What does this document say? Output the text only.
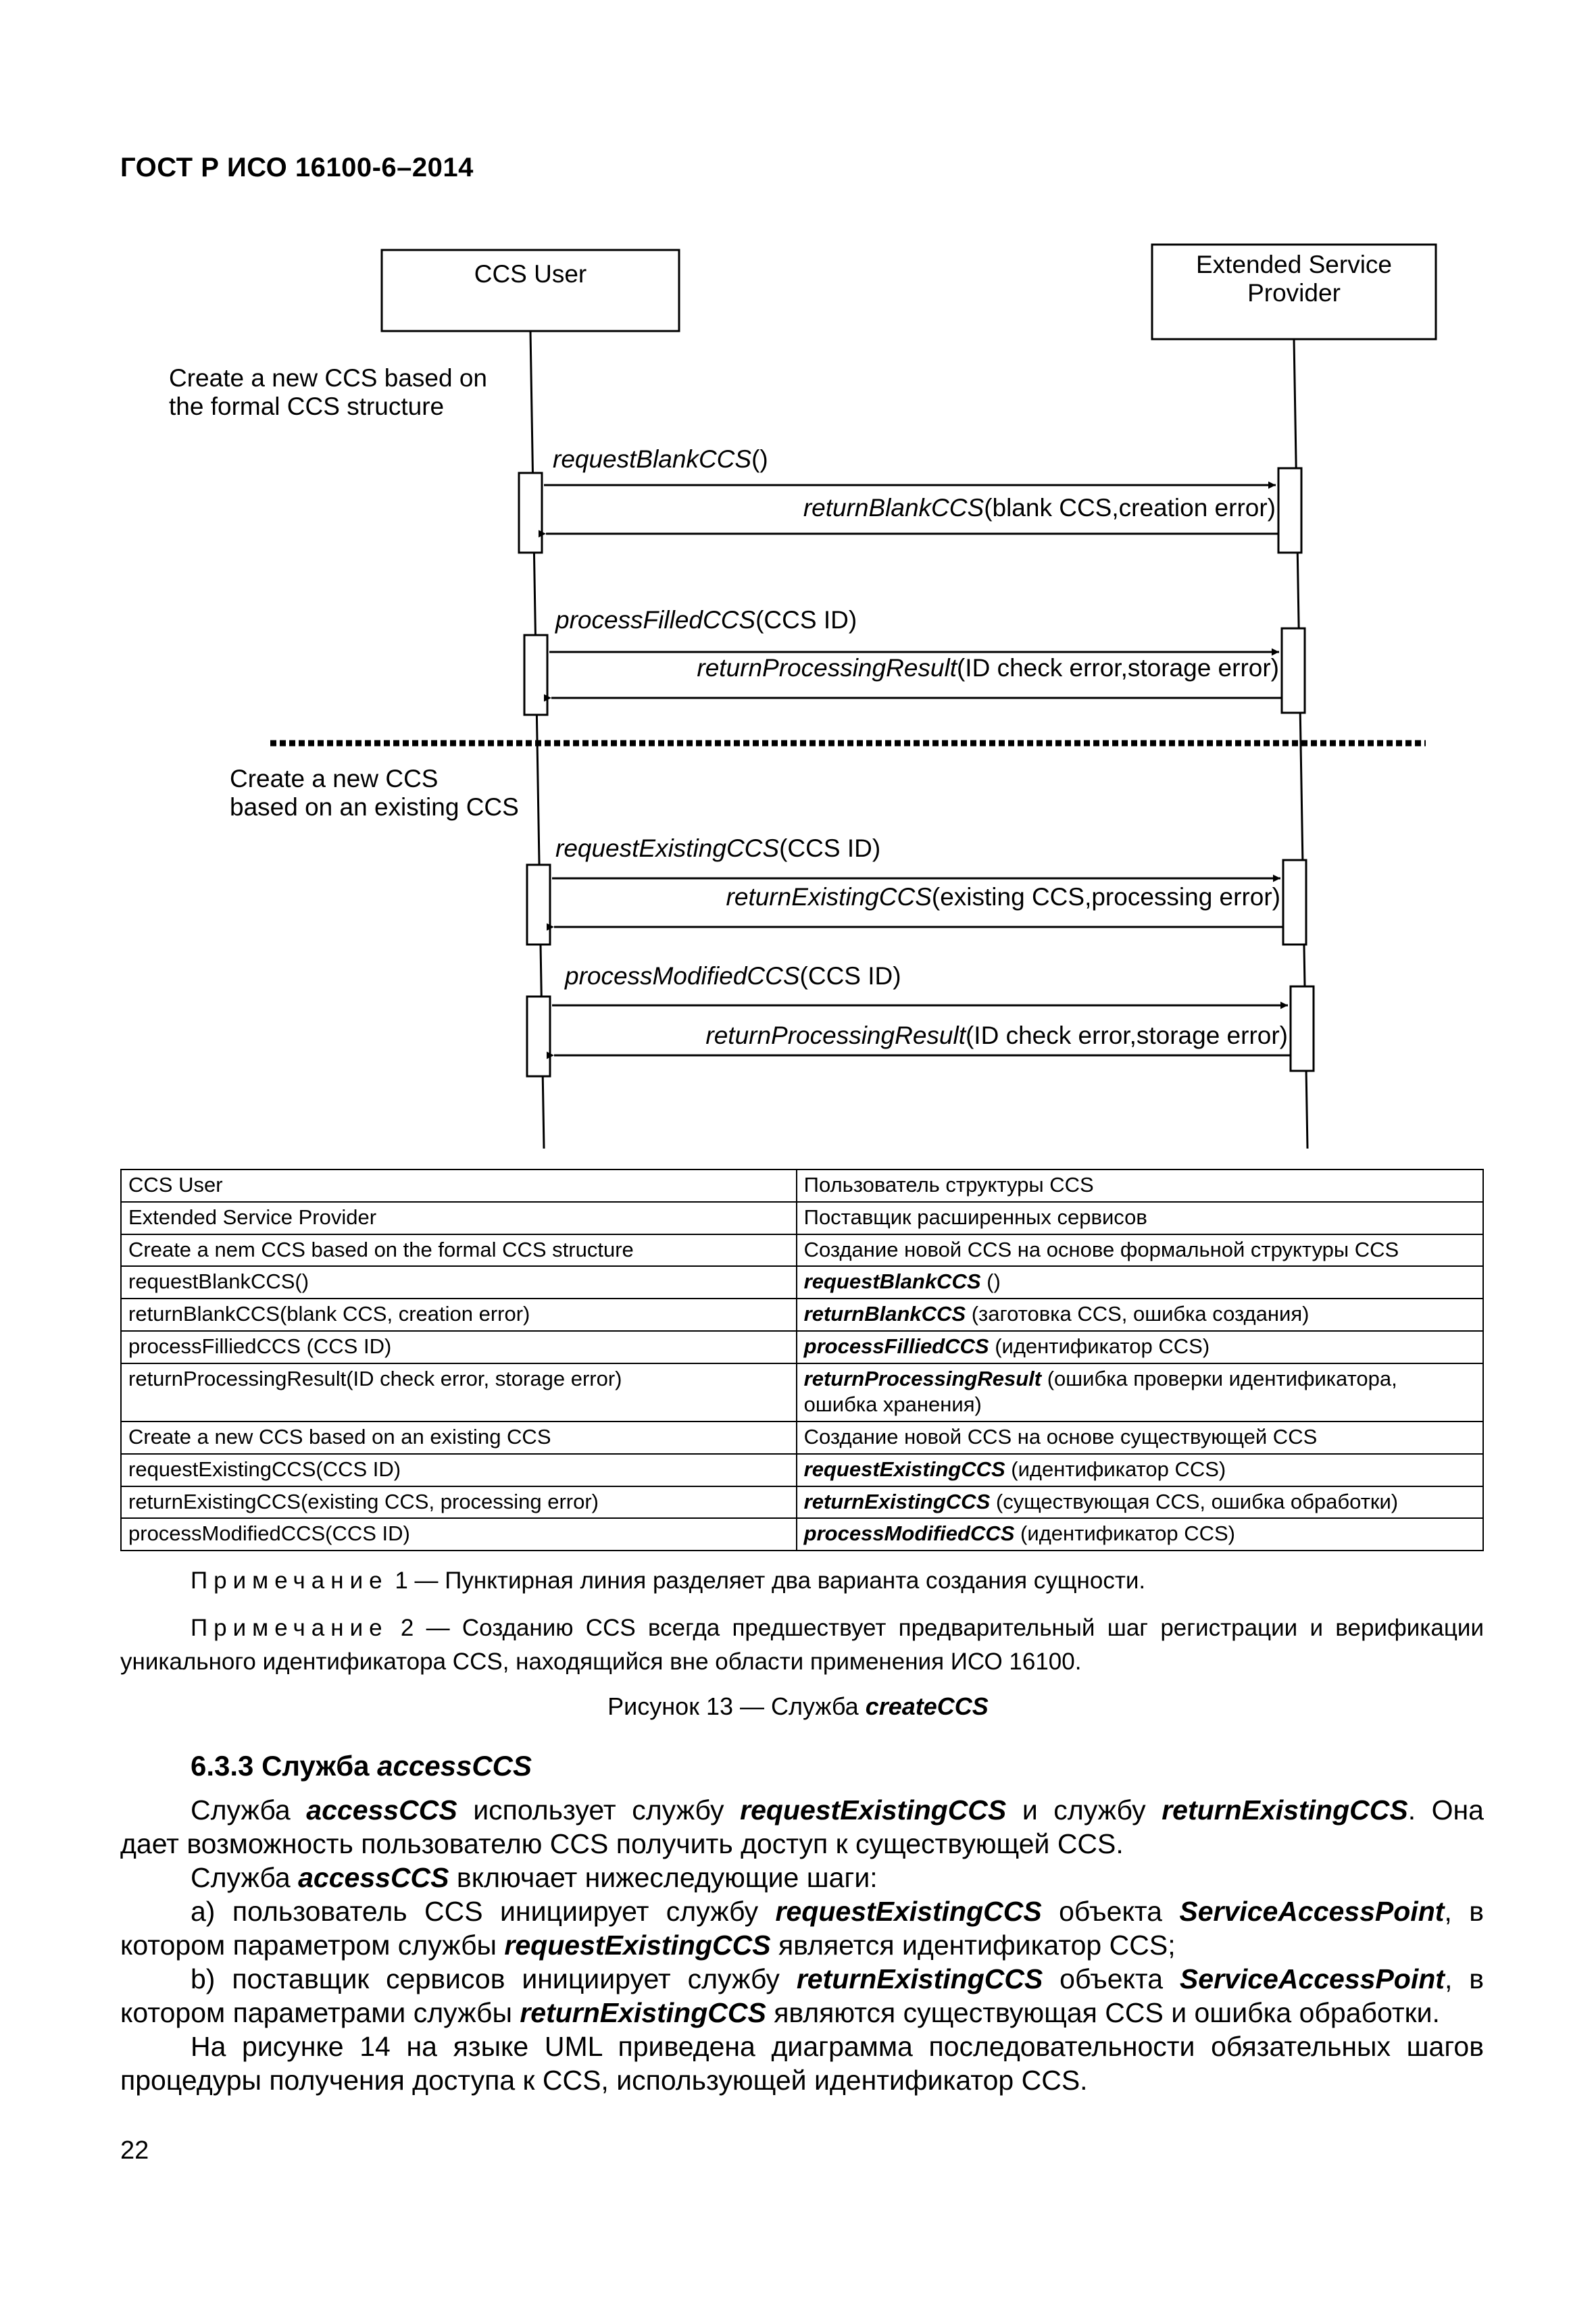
ГОСТ Р ИСО 16100-6–2014
CCS User	Extended Service
Provider
Create a new CCS based on
the formal CCS structure
Create a new CCS
based on an existing CCS
requestBlankCCS()
returnBlankCCS(blank CCS,creation error)
processFilledCCS(CCS ID)
returnProcessingResult(ID check error,storage error)
requestExistingCCS(CCS ID)
returnExistingCCS(existing CCS,processing error)
processModifiedCCS(CCS ID)
returnProcessingResult(ID check error,storage error)
CCS User	Пользователь структуры CCS
Extended Service Provider	Поставщик расширенных сервисов
Create a nem CCS based on the formal CCS structure	Создание новой CCS на основе формальной структуры CCS
requestBlankCCS()	requestBlankCCS ()
returnBlankCCS(blank CCS, creation error)	returnBlankCCS (заготовка CCS, ошибка создания)
processFilliedCCS (CCS ID)	processFilliedCCS (идентификатор CCS)
returnProcessingResult(ID check error, storage error)	returnProcessingResult (ошибка проверки идентификатора, ошибка хранения)
Create a new CCS based on an existing CCS	Создание новой CCS на основе существующей CCS
requestExistingCCS(CCS ID)	requestExistingCCS (идентификатор CCS)
returnExistingCCS(existing CCS, processing error)	returnExistingCCS (существующая CCS, ошибка обработки)
processModifiedCCS(CCS ID)	processModifiedCCS (идентификатор CCS)
Примечание 1 — Пунктирная линия разделяет два варианта создания сущности.
Примечание 2 — Созданию CCS всегда предшествует предварительный шаг регистрации и верификации уникального идентификатора CCS, находящийся вне области применения ИСО 16100.
Рисунок 13 — Служба createCCS
6.3.3 Служба accessCCS
Служба accessCCS использует службу requestExistingCCS и службу returnExistingCCS. Она дает возможность пользователю CCS получить доступ к существующей CCS.
Служба accessCCS включает нижеследующие шаги:
a) пользователь CCS инициирует службу requestExistingCCS объекта ServiceAccessPoint, в котором параметром службы requestExistingCCS является идентификатор CCS;
b) поставщик сервисов инициирует службу returnExistingCCS объекта ServiceAccessPoint, в котором параметрами службы returnExistingCCS являются существующая CCS и ошибка обработки.
На рисунке 14 на языке UML приведена диаграмма последовательности обязательных шагов процедуры получения доступа к CCS, использующей идентификатор CCS.
22
